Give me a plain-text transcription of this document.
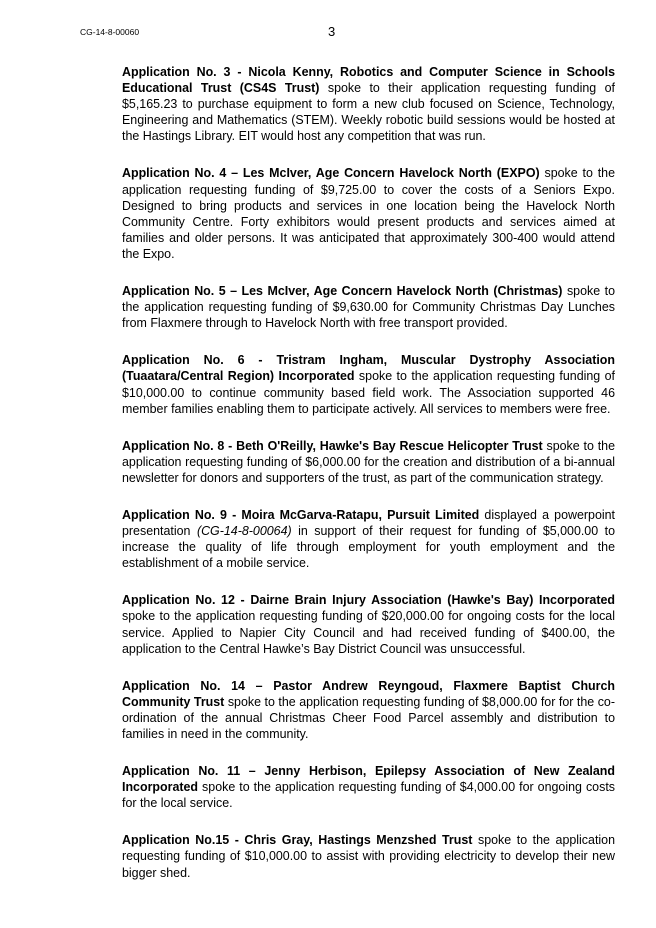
CG-14-8-00060	3

Application No. 3 - Nicola Kenny, Robotics and Computer Science in Schools Educational Trust (CS4S Trust) spoke to their application requesting funding of $5,165.23 to purchase equipment to form a new club focused on Science, Technology, Engineering and Mathematics (STEM). Weekly robotic build sessions would be hosted at the Hastings Library. EIT would host any competition that was run.

Application No. 4 – Les McIver, Age Concern Havelock North (EXPO) spoke to the application requesting funding of $9,725.00 to cover the costs of a Seniors Expo. Designed to bring products and services in one location being the Havelock North Community Centre. Forty exhibitors would present products and services aimed at families and older persons. It was anticipated that approximately 300-400 would attend the Expo.

Application No. 5 – Les McIver, Age Concern Havelock North (Christmas) spoke to the application requesting funding of $9,630.00 for Community Christmas Day Lunches from Flaxmere through to Havelock North with free transport provided.

Application No. 6 - Tristram Ingham, Muscular Dystrophy Association (Tuaatara/Central Region) Incorporated spoke to the application requesting funding of $10,000.00 to continue community based field work. The Association supported 46 member families enabling them to participate actively. All services to members were free.

Application No. 8 - Beth O'Reilly, Hawke's Bay Rescue Helicopter Trust spoke to the application requesting funding of $6,000.00 for the creation and distribution of a bi-annual newsletter for donors and supporters of the trust, as part of the communication strategy.

Application No. 9 - Moira McGarva-Ratapu, Pursuit Limited displayed a powerpoint presentation (CG-14-8-00064) in support of their request for funding of $5,000.00 to increase the quality of life through employment for youth employment and the establishment of a mobile service.

Application No. 12 - Dairne Brain Injury Association (Hawke's Bay) Incorporated spoke to the application requesting funding of $20,000.00 for ongoing costs for the local service. Applied to Napier City Council and had received funding of $400.00, the application to the Central Hawke’s Bay District Council was unsuccessful.

Application No. 14 – Pastor Andrew Reyngoud, Flaxmere Baptist Church Community Trust spoke to the application requesting funding of $8,000.00 for for the co-ordination of the annual Christmas Cheer Food Parcel assembly and distribution to families in need in the community.

Application No. 11 – Jenny Herbison, Epilepsy Association of New Zealand Incorporated spoke to the application requesting funding of $4,000.00 for ongoing costs for the local service.

Application No.15 - Chris Gray, Hastings Menzshed Trust spoke to the application requesting funding of $10,000.00 to assist with providing electricity to develop their new bigger shed.
